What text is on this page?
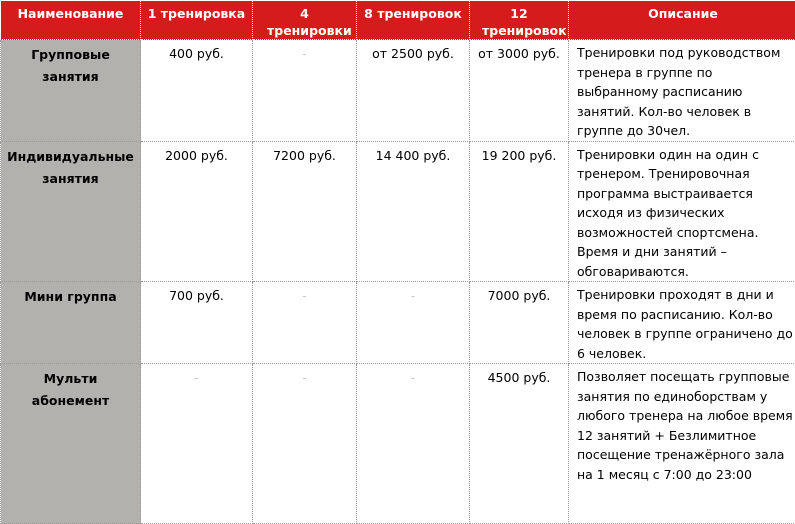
Наименование	1 тренировка	4 тренировки	8 тренировок	12 тренировок	Описание
Групповые занятия	400 руб.	-	от 2500 руб.	от 3000 руб.	Тренировки под руководством тренера в группе по выбранному расписанию занятий. Кол-во человек в группе до 30чел.
Индивидуальные занятия	2000 руб.	7200 руб.	14 400 руб.	19 200 руб.	Тренировки один на один с тренером. Тренировочная программа выстраивается исходя из физических возможностей спортсмена. Время и дни занятий – обговариваются.
Мини группа	700 руб.	-	-	7000 руб.	Тренировки проходят в дни и время по расписанию. Кол-во человек в группе ограничено до 6 человек.
Мульти абонемент	-	-	-	4500 руб.	Позволяет посещать групповые занятия по единоборствам у любого тренера на любое время 12 занятий + Безлимитное посещение тренажёрного зала на 1 месяц с 7:00 до 23:00
